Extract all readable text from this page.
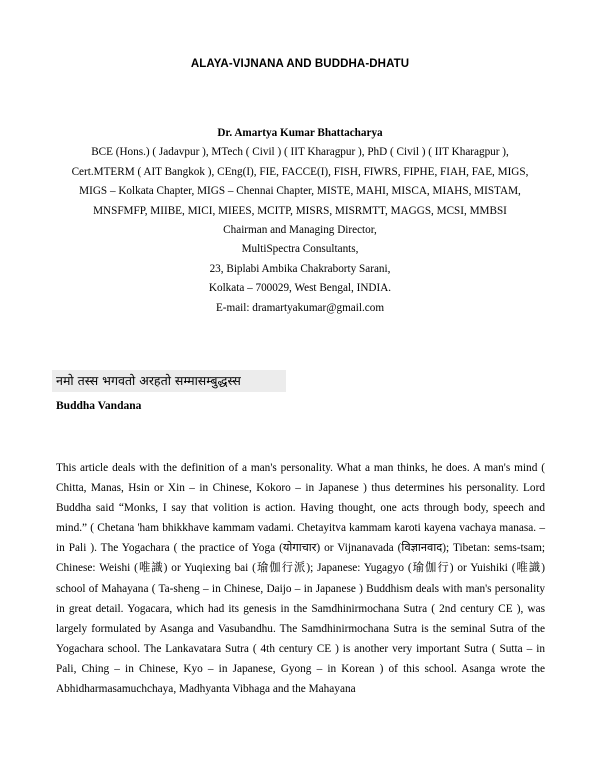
ALAYA-VIJNANA AND BUDDHA-DHATU
Dr. Amartya Kumar Bhattacharya
BCE (Hons.) ( Jadavpur ), MTech ( Civil ) ( IIT Kharagpur ), PhD ( Civil ) ( IIT Kharagpur ),
Cert.MTERM ( AIT Bangkok ), CEng(I), FIE, FACCE(I), FISH, FIWRS, FIPHE, FIAH, FAE, MIGS,
MIGS – Kolkata Chapter, MIGS – Chennai Chapter, MISTE, MAHI, MISCA, MIAHS, MISTAM,
MNSFMFP, MIIBE, MICI, MIEES, MCITP, MISRS, MISRMTT, MAGGS, MCSI, MMBSI
Chairman and Managing Director,
MultiSpectra Consultants,
23, Biplabi Ambika Chakraborty Sarani,
Kolkata – 700029, West Bengal, INDIA.
E-mail: dramartyakumar@gmail.com
नमो तस्स भगवतो अरहतो सम्मासम्बुद्धस्स
Buddha Vandana

This article deals with the definition of a man's personality. What a man thinks, he does. A man's mind ( Chitta, Manas, Hsin or Xin – in Chinese, Kokoro – in Japanese ) thus determines his personality. Lord Buddha said “Monks, I say that volition is action. Having thought, one acts through body, speech and mind.” ( Chetana 'ham bhikkhave kammam vadami. Chetayitva kammam karoti kayena vachaya manasa. – in Pali ). The Yogachara ( the practice of Yoga (योगाचार) or Vijnanavada (विज्ञानवाद); Tibetan: sems-tsam; Chinese: Weishi (唯識) or Yuqiexing bai (瑜伽行派); Japanese: Yugagyo (瑜伽行) or Yuishiki (唯識) school of Mahayana ( Ta-sheng – in Chinese, Daijo – in Japanese ) Buddhism deals with man's personality in great detail. Yogacara, which had its genesis in the Samdhinirmochana Sutra ( 2nd century CE ), was largely formulated by Asanga and Vasubandhu. The Samdhinirmochana Sutra is the seminal Sutra of the Yogachara school. The Lankavatara Sutra ( 4th century CE ) is another very important Sutra ( Sutta – in Pali, Ching – in Chinese, Kyo – in Japanese, Gyong – in Korean ) of this school. Asanga wrote the Abhidharmasamuchchaya, Madhyanta Vibhaga and the Mahayana
